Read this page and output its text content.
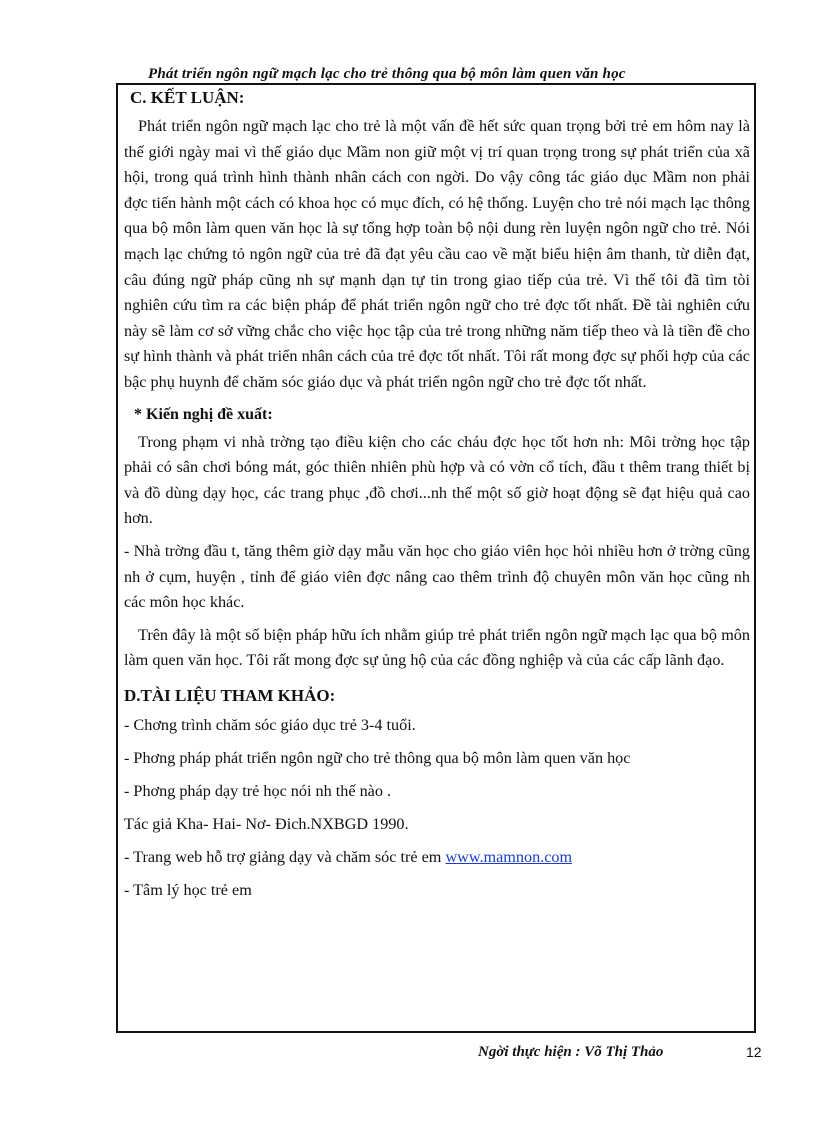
Phát triển ngôn ngữ mạch lạc cho trẻ thông qua bộ môn làm quen văn học
C. KẾT LUẬN:

Phát triển ngôn ngữ mạch lạc cho trẻ là một vấn đề hết sức quan trọng bởi trẻ em hôm nay là thế giới ngày mai vì thế giáo dục Mầm non giữ một vị trí quan trọng trong sự phát triển của xã hội, trong quá trình hình thành nhân cách con ngời. Do vậy công tác giáo dục Mầm non phải đợc tiến hành một cách có khoa học có mục đích, có hệ thống. Luyện cho trẻ nói mạch lạc thông qua bộ môn làm quen văn học là sự tổng hợp toàn bộ nội dung rèn luyện ngôn ngữ cho trẻ. Nói mạch lạc chứng tỏ ngôn ngữ của trẻ đã đạt yêu cầu cao về mặt biểu hiện âm thanh, từ diễn đạt, câu đúng ngữ pháp cũng nh sự mạnh dạn tự tin trong giao tiếp của trẻ. Vì thế tôi đã tìm tòi nghiên cứu tìm ra các biện pháp để phát triển ngôn ngữ cho trẻ đợc tốt nhất. Đề tài nghiên cứu này sẽ làm cơ sở vững chắc cho việc học tập của trẻ trong những năm tiếp theo và là tiền đề cho sự hình thành và phát triển nhân cách của trẻ đợc tốt nhất. Tôi rất mong đợc sự phối hợp của các bậc phụ huynh để chăm sóc giáo dục và phát triển ngôn ngữ cho trẻ đợc tốt nhất.

* Kiến nghị đề xuất:

Trong phạm vi nhà trờng tạo điều kiện cho các cháu đợc học tốt hơn nh: Môi trờng học tập phải có sân chơi bóng mát, góc thiên nhiên phù hợp và có vờn cổ tích, đầu t thêm trang thiết bị và đồ dùng dạy học, các trang phục ,đồ chơi...nh thế một số giờ hoạt động sẽ đạt hiệu quả cao hơn.

- Nhà trờng đầu t, tăng thêm giờ dạy mẫu văn học cho giáo viên học hỏi nhiều hơn ở trờng cũng nh ở cụm, huyện , tỉnh để giáo viên đợc nâng cao thêm trình độ chuyên môn văn học cũng nh các môn học khác.

Trên đây là một số biện pháp hữu ích nhằm giúp trẻ phát triển ngôn ngữ mạch lạc qua bộ môn làm quen văn học. Tôi rất mong đợc sự ủng hộ của các đồng nghiệp và của các cấp lãnh đạo.

D.TÀI LIỆU THAM KHẢO:
- Chơng trình chăm sóc giáo dục trẻ 3-4 tuổi.
- Phơng pháp phát triển ngôn ngữ cho trẻ thông qua bộ môn làm quen văn học
- Phơng pháp dạy trẻ học nói nh thế nào .
Tác giả Kha- Hai- Nơ- Đich.NXBGD 1990.
- Trang web hỗ trợ giảng dạy và chăm sóc trẻ em www.mamnon.com
- Tâm lý học trẻ em
Ngời thực hiện : Võ Thị Thảo	12
